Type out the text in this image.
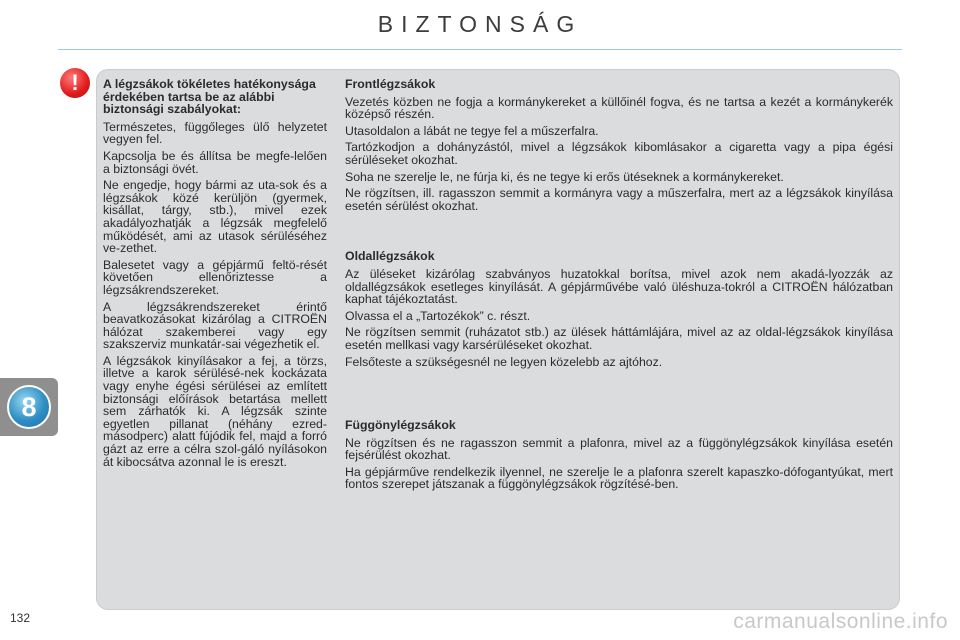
BIZTONSÁG
8
! A légzsákok tökéletes hatékonysága érdekében tartsa be az alábbi biztonsági szabályokat:

Természetes, függőleges ülő helyzetet vegyen fel.

Kapcsolja be és állítsa be megfe-lelően a biztonsági övét.

Ne engedje, hogy bármi az uta-sok és a légzsákok közé kerüljön (gyermek, kisállat, tárgy, stb.), mivel ezek akadályozhatják a légzsák megfelelő működését, ami az utasok sérüléséhez ve-zethet.

Balesetet vagy a gépjármű feltö-rését követően ellenőriztesse a légzsákrendszereket.

A légzsákrendszereket érintő beavatkozásokat kizárólag a CITROËN hálózat szakemberei vagy egy szakszerviz munkatár-sai végezhetik el.

A légzsákok kinyílásakor a fej, a törzs, illetve a karok sérülésé-nek kockázata vagy enyhe égési sérülései az említett biztonsági előírások betartása mellett sem zárhatók ki. A légzsák szinte egyetlen pillanat (néhány ezred-másodperc) alatt fújódik fel, majd a forró gázt az erre a célra szol-gáló nyílásokon át kibocsátva azonnal le is ereszt.

Frontlégzsákok

Vezetés közben ne fogja a kormánykereket a küllőinél fogva, és ne tartsa a kezét a kormánykerék középső részén.

Utasoldalon a lábát ne tegye fel a műszerfalra.

Tartózkodjon a dohányzástól, mivel a légzsákok kibomlásakor a cigaretta vagy a pipa égési sérüléseket okozhat.

Soha ne szerelje le, ne fúrja ki, és ne tegye ki erős ütéseknek a kormánykereket.

Ne rögzítsen, ill. ragasszon semmit a kormányra vagy a műszerfalra, mert az a légzsákok kinyílása esetén sérülést okozhat.

Oldallégzsákok

Az üléseket kizárólag szabványos huzatokkal borítsa, mivel azok nem akadá-lyozzák az oldallégzsákok esetleges kinyílását. A gépjárművébe való üléshuza-tokról a CITROËN hálózatban kaphat tájékoztatást.

Olvassa el a „Tartozékok” c. részt.

Ne rögzítsen semmit (ruházatot stb.) az ülések háttámlájára, mivel az az oldal-légzsákok kinyílása esetén mellkasi vagy karsérüléseket okozhat.

Felsőteste a szükségesnél ne legyen közelebb az ajtóhoz.

Függönylégzsákok

Ne rögzítsen és ne ragasszon semmit a plafonra, mivel az a függönylégzsákok kinyílása esetén fejsérülést okozhat.

Ha gépjárműve rendelkezik ilyennel, ne szerelje le a plafonra szerelt kapaszko-dófogantyúkat, mert fontos szerepet játszanak a függönylégzsákok rögzítésé-ben.

132	carmanualsonline.info
